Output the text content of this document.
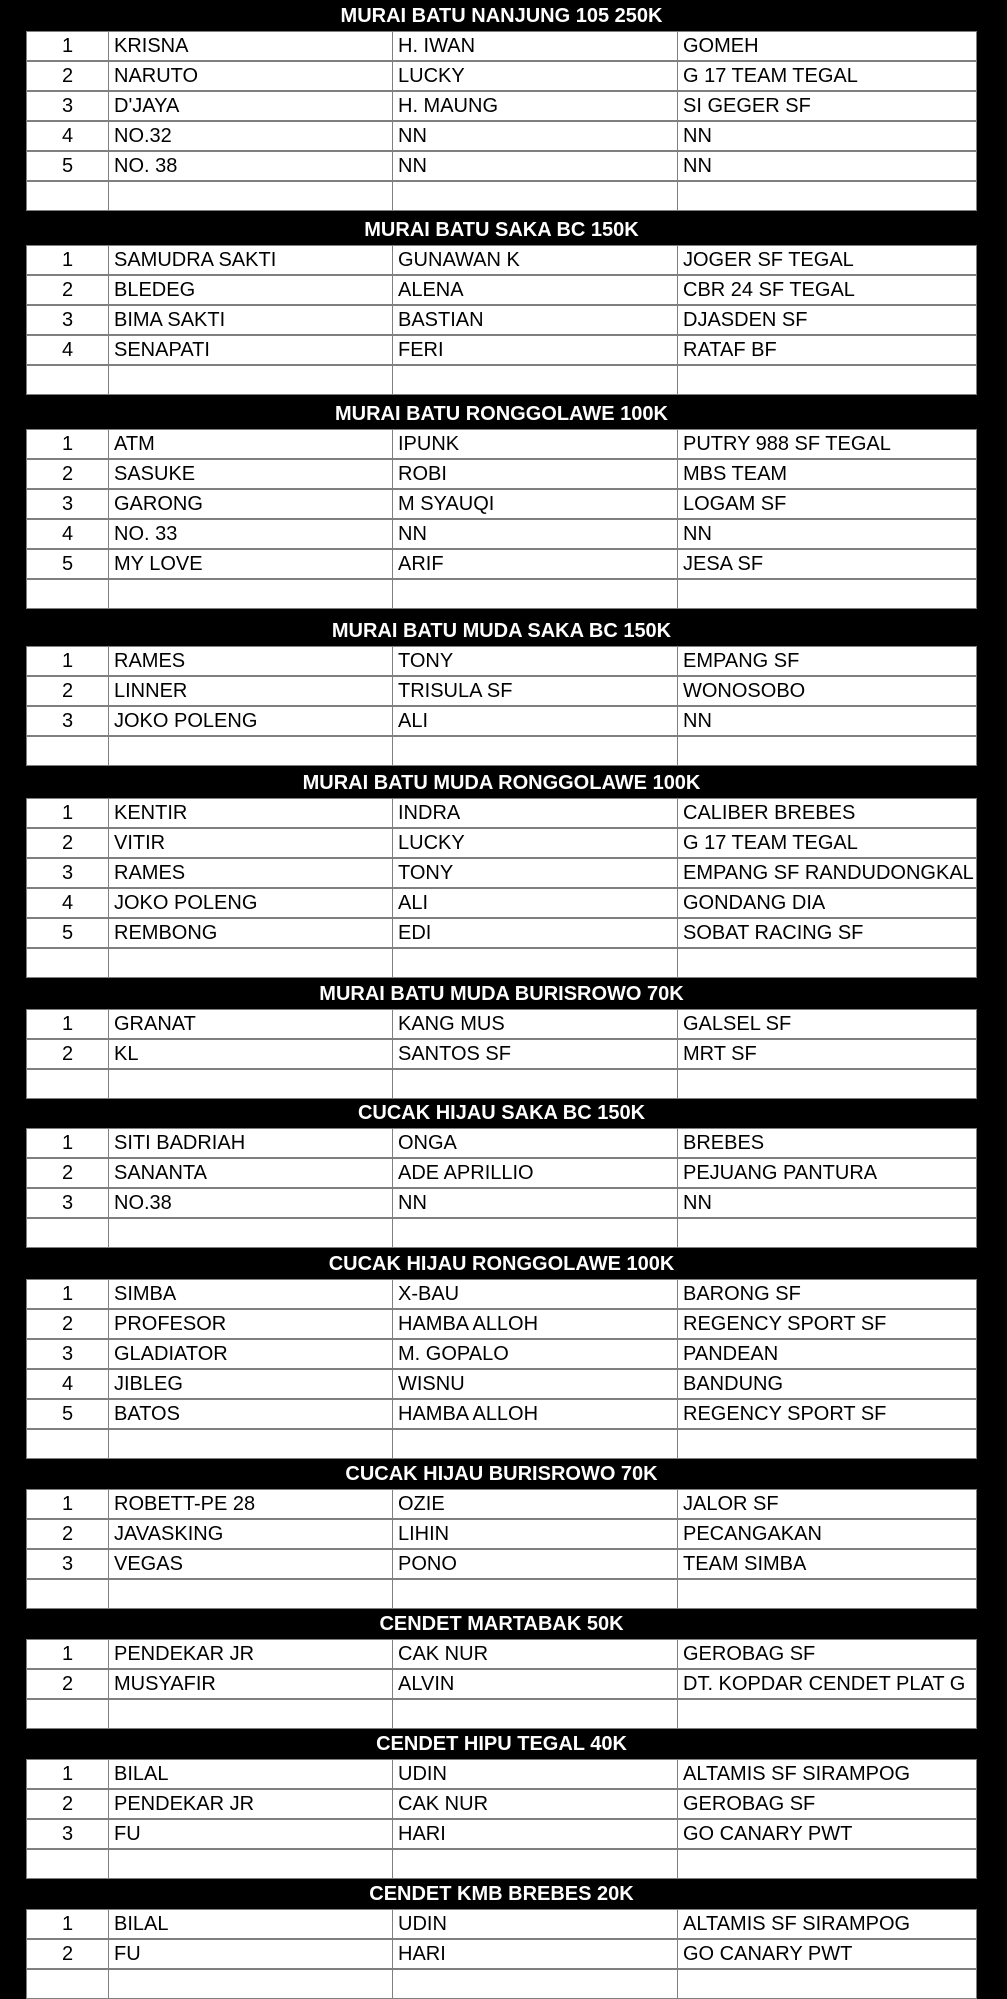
MURAI BATU NANJUNG 105 250K
1	KRISNA	H. IWAN	GOMEH
2	NARUTO	LUCKY	G 17 TEAM TEGAL
3	D'JAYA	H. MAUNG	SI GEGER SF
4	NO.32	NN	NN
5	NO. 38	NN	NN
MURAI BATU SAKA BC 150K
1	SAMUDRA SAKTI	GUNAWAN K	JOGER SF TEGAL
2	BLEDEG	ALENA	CBR 24 SF TEGAL
3	BIMA SAKTI	BASTIAN	DJASDEN SF
4	SENAPATI	FERI	RATAF BF
MURAI BATU RONGGOLAWE 100K
1	ATM	IPUNK	PUTRY 988 SF TEGAL
2	SASUKE	ROBI	MBS TEAM
3	GARONG	M SYAUQI	LOGAM SF
4	NO. 33	NN	NN
5	MY LOVE	ARIF	JESA SF
MURAI BATU MUDA SAKA BC 150K
1	RAMES	TONY	EMPANG SF
2	LINNER	TRISULA SF	WONOSOBO
3	JOKO POLENG	ALI	NN
MURAI BATU MUDA RONGGOLAWE 100K
1	KENTIR	INDRA	CALIBER BREBES
2	VITIR	LUCKY	G 17 TEAM TEGAL
3	RAMES	TONY	EMPANG SF RANDUDONGKAL
4	JOKO POLENG	ALI	GONDANG DIA
5	REMBONG	EDI	SOBAT RACING SF
MURAI BATU MUDA BURISROWO 70K
1	GRANAT	KANG MUS	GALSEL SF
2	KL	SANTOS SF	MRT SF
CUCAK HIJAU SAKA BC 150K
1	SITI BADRIAH	ONGA	BREBES
2	SANANTA	ADE APRILLIO	PEJUANG PANTURA
3	NO.38	NN	NN
CUCAK HIJAU RONGGOLAWE 100K
1	SIMBA	X-BAU	BARONG SF
2	PROFESOR	HAMBA ALLOH	REGENCY SPORT SF
3	GLADIATOR	M. GOPALO	PANDEAN
4	JIBLEG	WISNU	BANDUNG
5	BATOS	HAMBA ALLOH	REGENCY SPORT SF
CUCAK HIJAU BURISROWO 70K
1	ROBETT-PE 28	OZIE	JALOR SF
2	JAVASKING	LIHIN	PECANGAKAN
3	VEGAS	PONO	TEAM SIMBA
CENDET MARTABAK 50K
1	PENDEKAR JR	CAK NUR	GEROBAG SF
2	MUSYAFIR	ALVIN	DT. KOPDAR CENDET PLAT G
CENDET HIPU TEGAL 40K
1	BILAL	UDIN	ALTAMIS SF SIRAMPOG
2	PENDEKAR JR	CAK NUR	GEROBAG SF
3	FU	HARI	GO CANARY PWT
CENDET KMB BREBES 20K
1	BILAL	UDIN	ALTAMIS SF SIRAMPOG
2	FU	HARI	GO CANARY PWT
